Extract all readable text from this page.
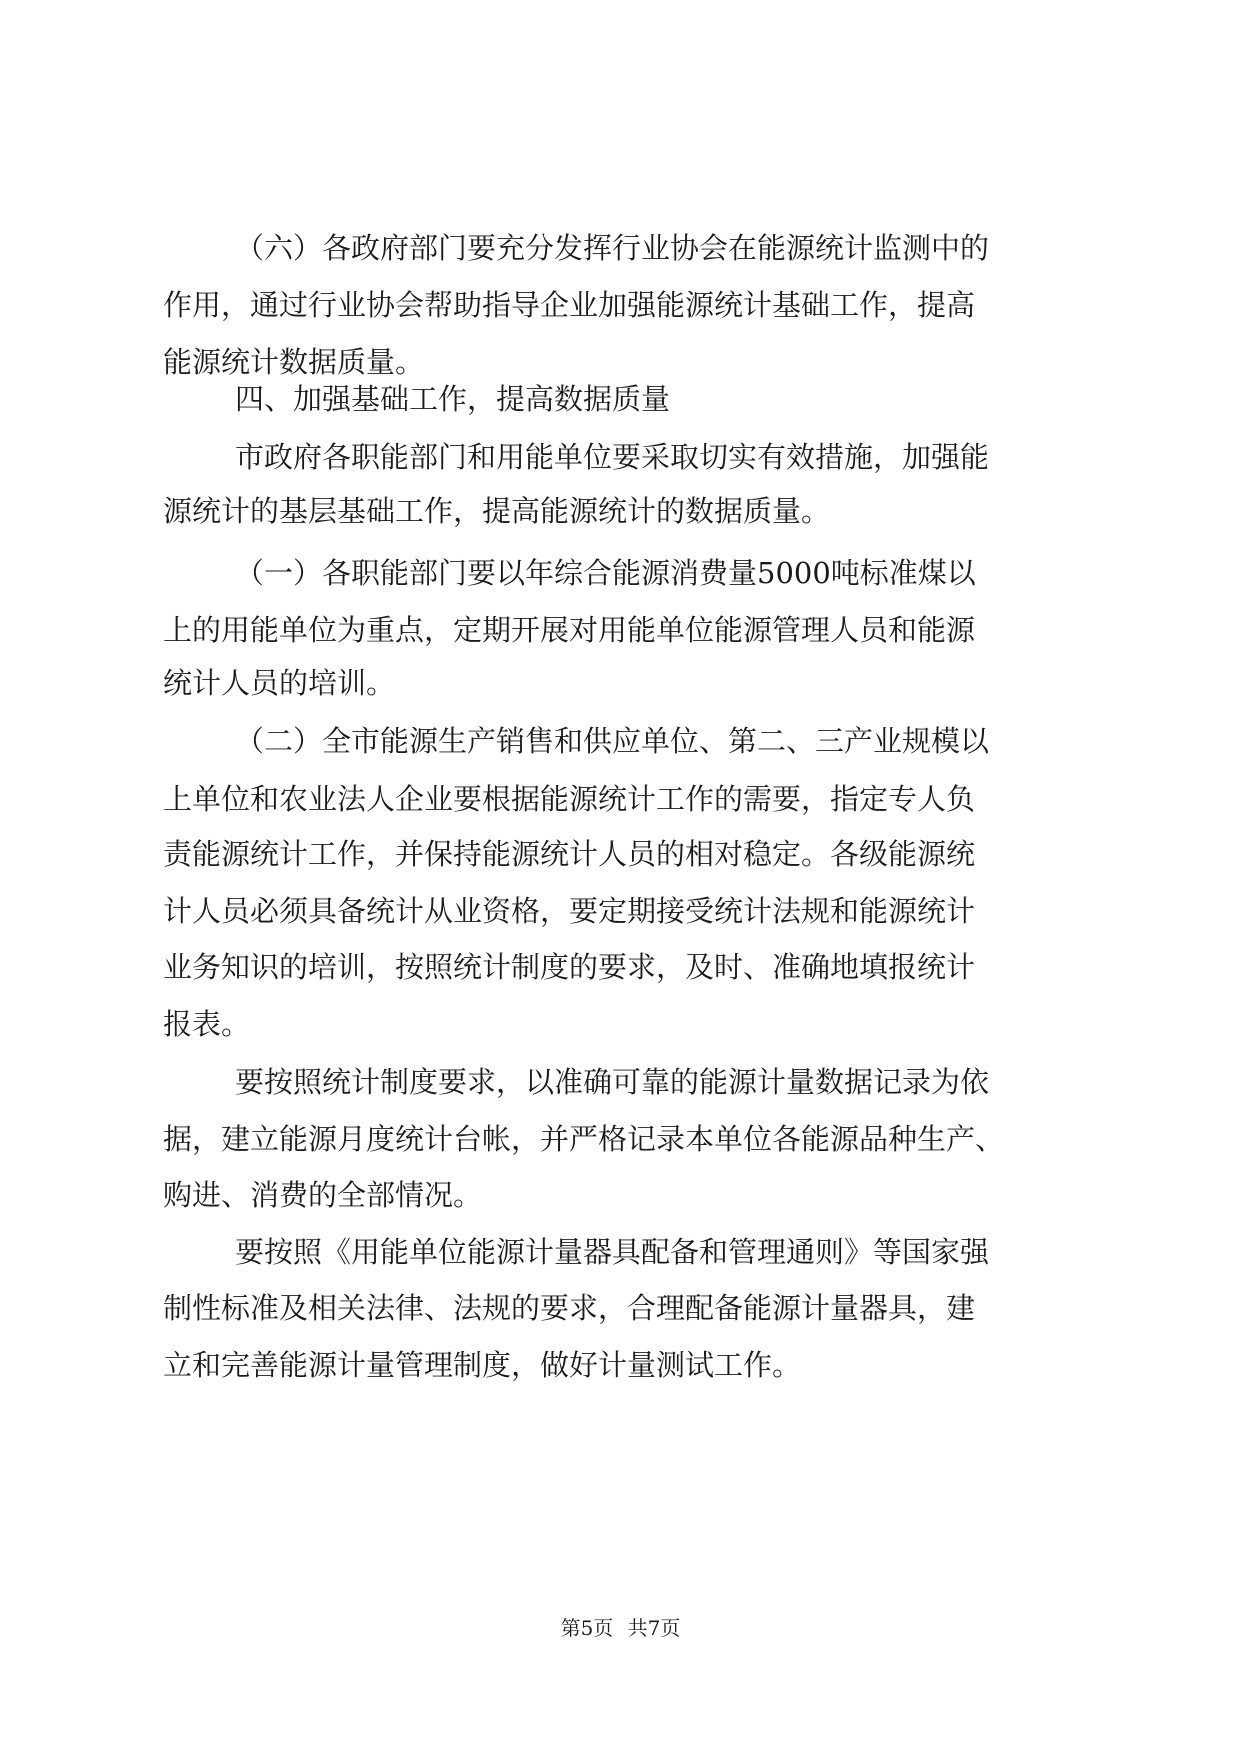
（六）各政府部门要充分发挥行业协会在能源统计监测中的
作用，通过行业协会帮助指导企业加强能源统计基础工作，提高
能源统计数据质量。
四、加强基础工作，提高数据质量
市政府各职能部门和用能单位要采取切实有效措施，加强能
源统计的基层基础工作，提高能源统计的数据质量。
（一）各职能部门要以年综合能源消费量5000吨标准煤以
上的用能单位为重点，定期开展对用能单位能源管理人员和能源
统计人员的培训。
（二）全市能源生产销售和供应单位、第二、三产业规模以
上单位和农业法人企业要根据能源统计工作的需要，指定专人负
责能源统计工作，并保持能源统计人员的相对稳定。各级能源统
计人员必须具备统计从业资格，要定期接受统计法规和能源统计
业务知识的培训，按照统计制度的要求，及时、准确地填报统计
报表。
要按照统计制度要求，以准确可靠的能源计量数据记录为依
据，建立能源月度统计台帐，并严格记录本单位各能源品种生产、
购进、消费的全部情况。
要按照《用能单位能源计量器具配备和管理通则》等国家强
制性标准及相关法律、法规的要求，合理配备能源计量器具，建
立和完善能源计量管理制度，做好计量测试工作。
第5页 共7页
